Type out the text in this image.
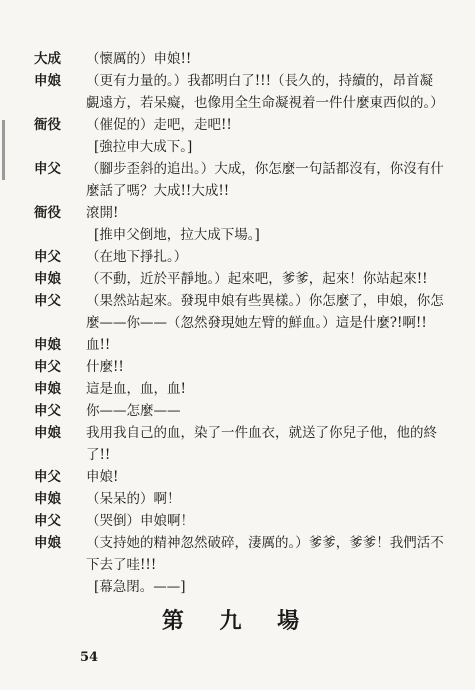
大成	（懷厲的）申娘!!
申娘	（更有力量的。）我都明白了!!!（長久的，持續的，昂首凝
覷遠方，若呆癡，也像用全生命凝視着一件什麼東西似的。）
衙役	（催促的）走吧，走吧!!
[強拉申大成下。]
申父	（腳步歪斜的追出。）大成，你怎麼一句話都沒有，你沒有什
麼話了嗎？大成!!大成!!
衙役	滾開!
[推申父倒地，拉大成下場。]
申父	（在地下掙扎。）
申娘	（不動，近於平靜地。）起來吧，爹爹，起來！你站起來!!
申父	（果然站起來。發現申娘有些異樣。）你怎麼了，申娘，你怎
麼——你——（忽然發現她左臂的鮮血。）這是什麼?!啊!!
申娘	血!!
申父	什麼!!
申娘	這是血，血，血!
申父	你——怎麼——
申娘	我用我自己的血，染了一件血衣，就送了你兒子他，他的終
了!!
申父	申娘!
申娘	（呆呆的）啊！
申父	（哭倒）申娘啊！
申娘	（支持她的精神忽然破碎，淒厲的。）爹爹，爹爹！我們活不
下去了哇!!!
[幕急閉。——]
第 九 場
54
